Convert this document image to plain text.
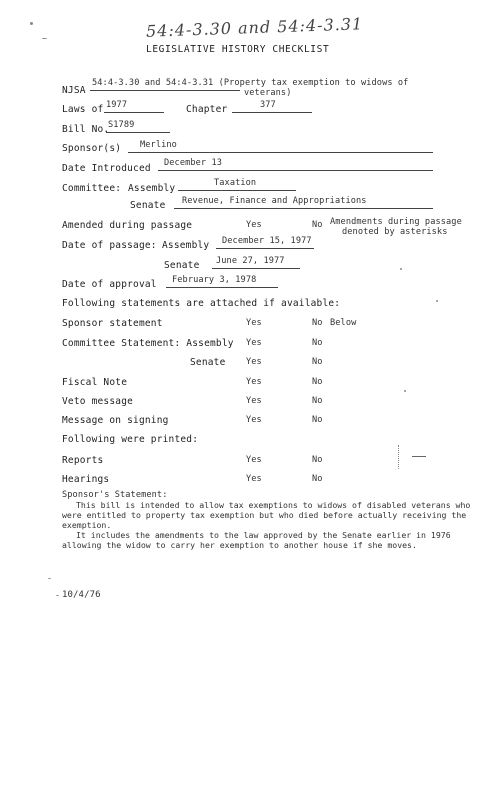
54:4-3.30 and 54:4-3.31
LEGISLATIVE HISTORY CHECKLIST
NJSA
54:4-3.30 and 54:4-3.31 (Property tax exemption to widows of
veterans)
Laws of 1977	Chapter	377
Bill No.
S1789
Sponsor(s) Merlino
Date Introduced December 13
Committee: Assembly	Taxation
Senate Revenue, Finance and Appropriations
Amended during passage	Yes	No Amendments during passage
denoted by asterisks
Date of passage: Assembly December 15, 1977
Senate June 27, 1977
Date of approval February 3, 1978
Following statements are attached if available:
Sponsor statement	Yes	No Below
Committee Statement: Assembly Yes	No
Senate Yes	No
Fiscal Note	Yes	No
Veto message	Yes	No
Message on signing	Yes	No
Following were printed:
Reports	Yes	No
Hearings	Yes	No
Sponsor's Statement:
This bill is intended to allow tax exemptions to widows of disabled veterans who were entitled to property tax exemption but who died before actually receiving the exemption.
It includes the amendments to the law approved by the Senate earlier in 1976 allowing the widow to carry her exemption to another house if she moves.
10/4/76
